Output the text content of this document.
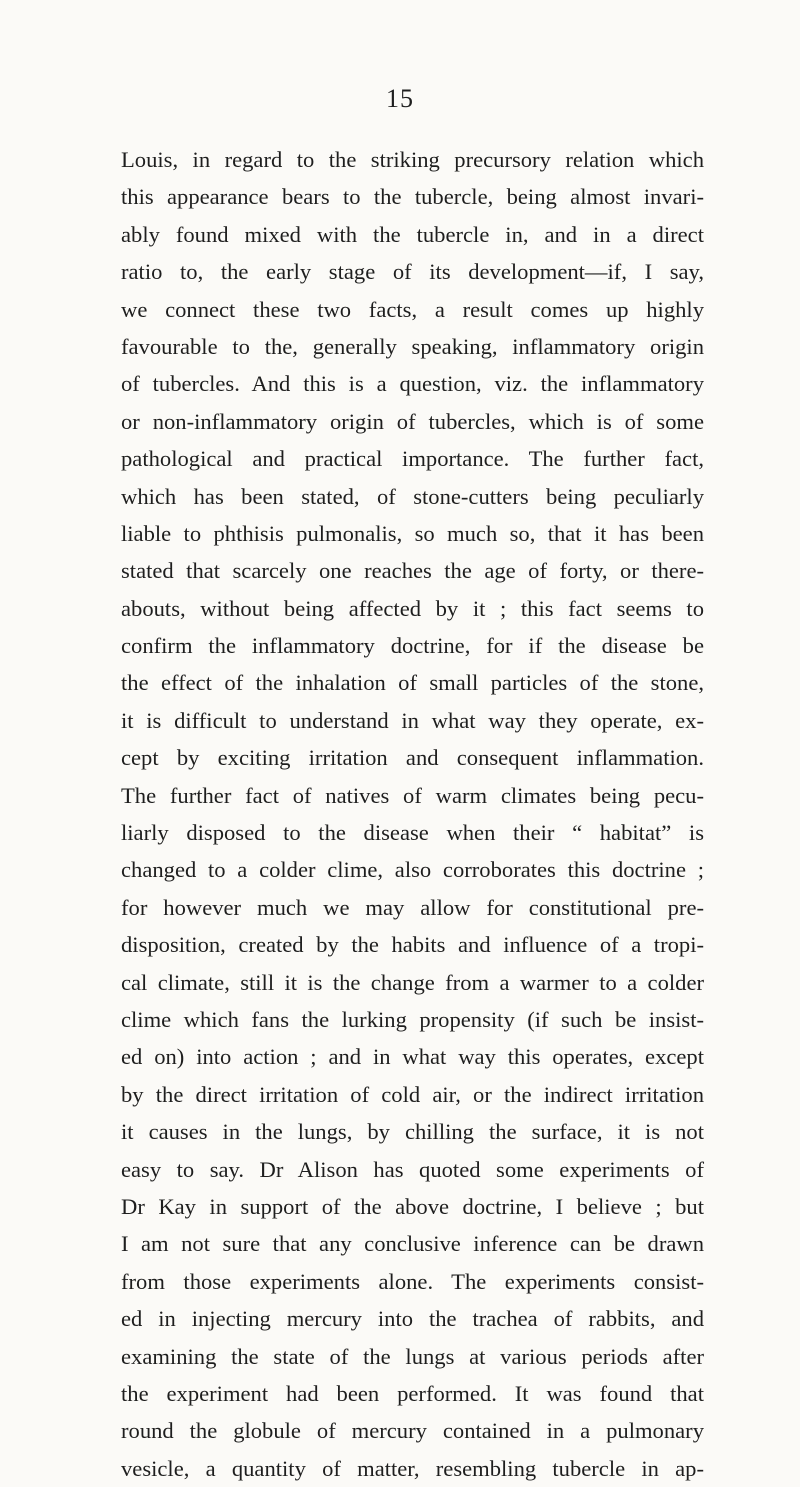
15
Louis, in regard to the striking precursory relation which
this appearance bears to the tubercle, being almost invari-
ably found mixed with the tubercle in, and in a direct
ratio to, the early stage of its development—if, I say,
we connect these two facts, a result comes up highly
favourable to the, generally speaking, inflammatory origin
of tubercles. And this is a question, viz. the inflammatory
or non-inflammatory origin of tubercles, which is of some
pathological and practical importance. The further fact,
which has been stated, of stone-cutters being peculiarly
liable to phthisis pulmonalis, so much so, that it has been
stated that scarcely one reaches the age of forty, or there-
abouts, without being affected by it ; this fact seems to
confirm the inflammatory doctrine, for if the disease be
the effect of the inhalation of small particles of the stone,
it is difficult to understand in what way they operate, ex-
cept by exciting irritation and consequent inflammation.
The further fact of natives of warm climates being pecu-
liarly disposed to the disease when their “ habitat” is
changed to a colder clime, also corroborates this doctrine ;
for however much we may allow for constitutional pre-
disposition, created by the habits and influence of a tropi-
cal climate, still it is the change from a warmer to a colder
clime which fans the lurking propensity (if such be insist-
ed on) into action ; and in what way this operates, except
by the direct irritation of cold air, or the indirect irritation
it causes in the lungs, by chilling the surface, it is not
easy to say. Dr Alison has quoted some experiments of
Dr Kay in support of the above doctrine, I believe ; but
I am not sure that any conclusive inference can be drawn
from those experiments alone. The experiments consist-
ed in injecting mercury into the trachea of rabbits, and
examining the state of the lungs at various periods after
the experiment had been performed. It was found that
round the globule of mercury contained in a pulmonary
vesicle, a quantity of matter, resembling tubercle in ap-
